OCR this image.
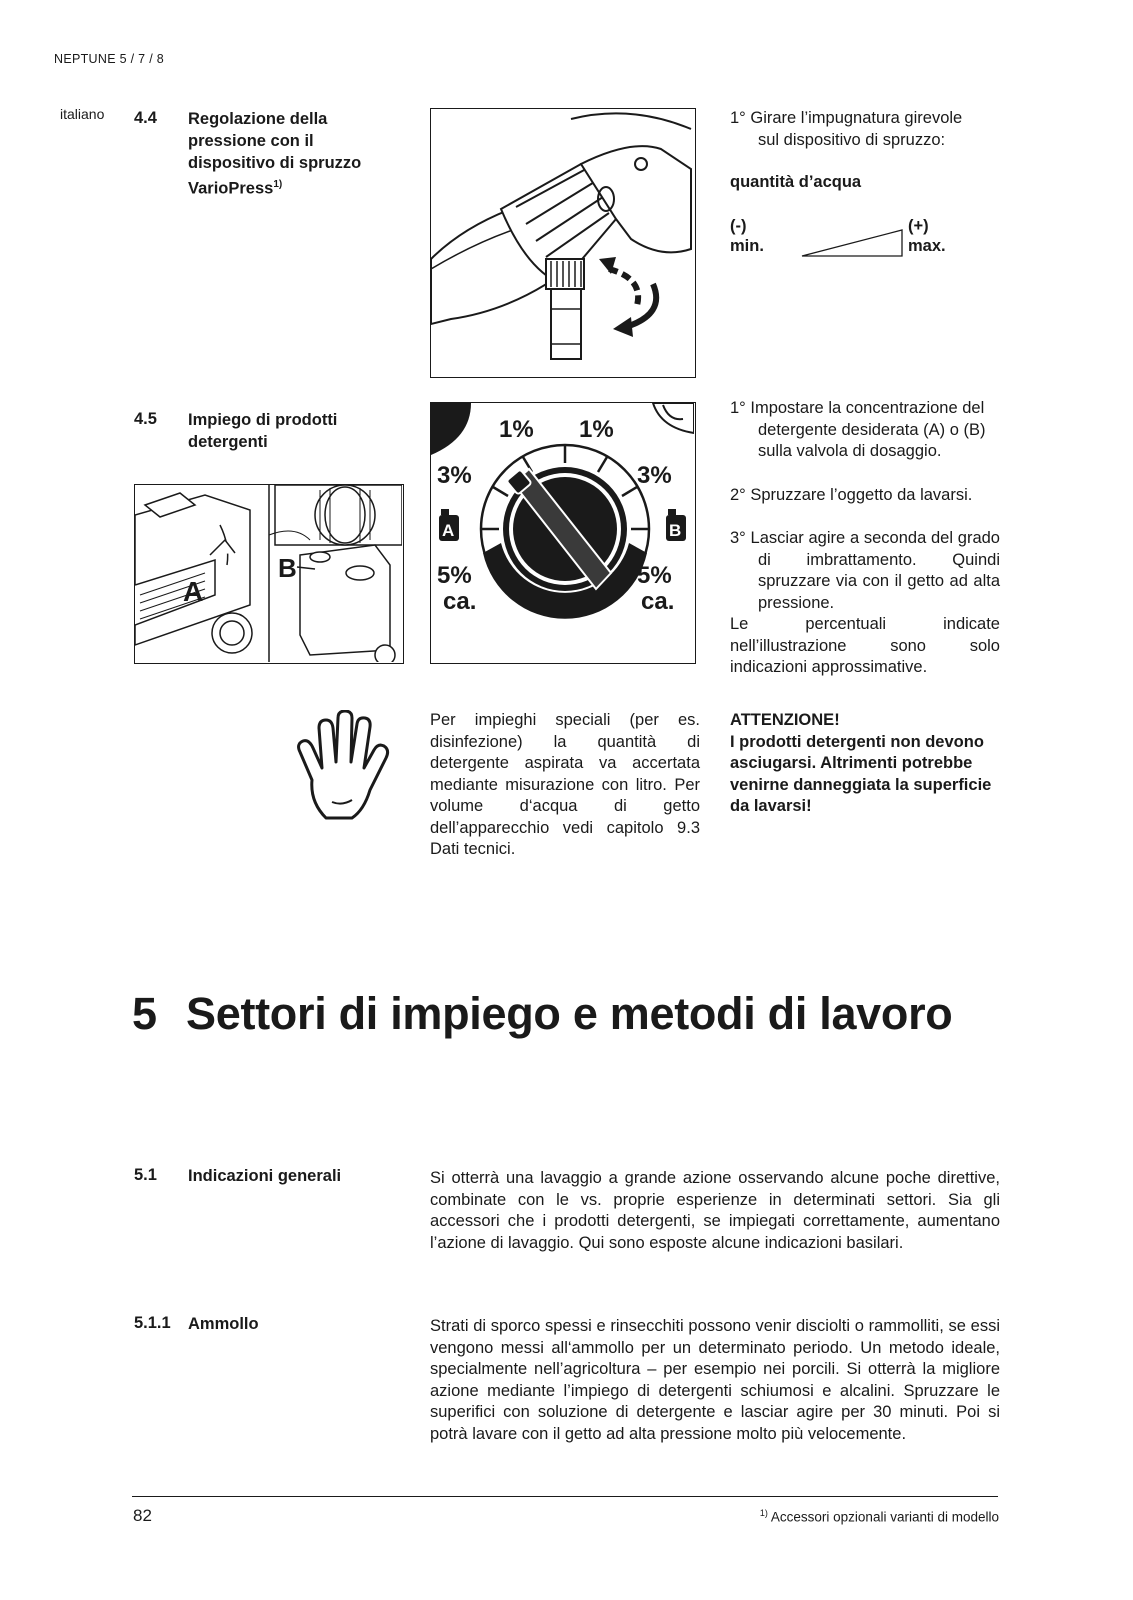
NEPTUNE 5 / 7 / 8
italiano 4.4 Regolazione della
pressione con il
dispositivo di spruzzo
VarioPress$^{1)}$
1° Girare l’impugnatura girevole
sul dispositivo di spruzzo:
quantità d’acqua
(-)
min.
(+)
max.
4.5 Impiego di prodotti
detergenti
A
B
1% 1%
3%	3%
5%	5%
ca.	ca.
A	B

1° Impostare la concentrazione del detergente desiderata (A) o (B) sulla valvola di dosaggio.

2° Spruzzare l’oggetto da lavarsi.

3° Lasciar agire a seconda del grado di imbrattamento. Quindi spruzzare via con il getto ad alta pressione.

Le percentuali indicate nell’illustrazione sono solo indicazioni approssimative.

Per impieghi speciali (per es. disinfezione) la quantità di detergente aspirata va accertata mediante misurazione con litro. Per volume d‘acqua di getto dell’apparecchio vedi capitolo 9.3 Dati tecnici.
ATTENZIONE!
I prodotti detergenti non devono asciugarsi. Altrimenti potrebbe venirne danneggiata la superficie da lavarsi!
5 Settori di impiego e metodi di lavoro
5.1 Indicazioni generali	Si otterrà una lavaggio a grande azione osservando alcune poche direttive, combinate con le vs. proprie esperienze in determinati settori. Sia gli accessori che i prodotti detergenti, se impiegati correttamente, aumentano l’azione di lavaggio. Qui sono esposte alcune indicazioni basilari.
5.1.1 Ammollo	Strati di sporco spessi e rinsecchiti possono venir disciolti o rammolliti, se essi vengono messi all‘ammollo per un determinato periodo. Un metodo ideale, specialmente nell’agricoltura – per esempio nei porcili. Si otterrà la migliore azione mediante l’impiego di detergenti schiumosi e alcalini. Spruzzare le superifici con soluzione di detergente e lasciar agire per 30 minuti. Poi si potrà lavare con il getto ad alta pressione molto più velocemente.
82	$^{1)}$ Accessori opzionali varianti di modello
